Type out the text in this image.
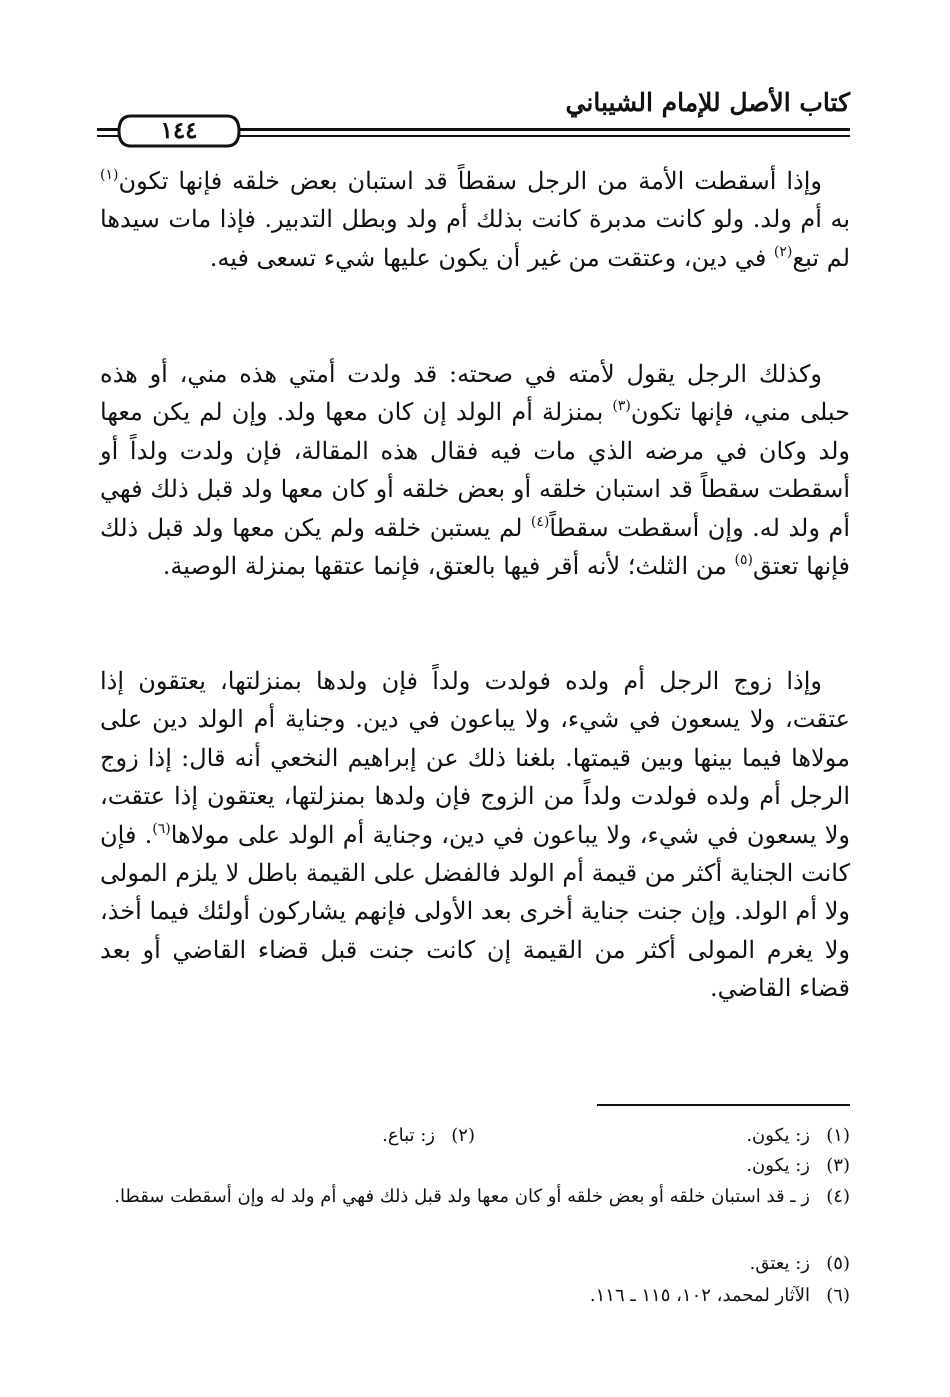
كتاب الأصل للإمام الشيباني
١٤٤

وإذا أسقطت الأمة من الرجل سقطاً قد استبان بعض خلقه فإنها تكون$^{(١)}$ به أم ولد. ولو كانت مدبرة كانت بذلك أم ولد وبطل التدبير. فإذا مات سيدها لم تبع$^{(٢)}$ في دين، وعتقت من غير أن يكون عليها شيء تسعى فيه.

وكذلك الرجل يقول لأمته في صحته: قد ولدت أمتي هذه مني، أو هذه حبلى مني، فإنها تكون$^{(٣)}$ بمنزلة أم الولد إن كان معها ولد. وإن لم يكن معها ولد وكان في مرضه الذي مات فيه فقال هذه المقالة، فإن ولدت ولداً أو أسقطت سقطاً قد استبان خلقه أو بعض خلقه أو كان معها ولد قبل ذلك فهي أم ولد له. وإن أسقطت سقطاً$^{(٤)}$ لم يستبن خلقه ولم يكن معها ولد قبل ذلك فإنها تعتق$^{(٥)}$ من الثلث؛ لأنه أقر فيها بالعتق، فإنما عتقها بمنزلة الوصية.

وإذا زوج الرجل أم ولده فولدت ولداً فإن ولدها بمنزلتها، يعتقون إذا عتقت، ولا يسعون في شيء، ولا يباعون في دين. وجناية أم الولد دين على مولاها فيما بينها وبين قيمتها. بلغنا ذلك عن إبراهيم النخعي أنه قال: إذا زوج الرجل أم ولده فولدت ولداً من الزوج فإن ولدها بمنزلتها، يعتقون إذا عتقت، ولا يسعون في شيء، ولا يباعون في دين، وجناية أم الولد على مولاها$^{(٦)}$. فإن كانت الجناية أكثر من قيمة أم الولد فالفضل على القيمة باطل لا يلزم المولى ولا أم الولد. وإن جنت جناية أخرى بعد الأولى فإنهم يشاركون أولئك فيما أخذ، ولا يغرم المولى أكثر من القيمة إن كانت جنت قبل قضاء القاضي أو بعد قضاء القاضي.

(١)ز: يكون.
(٢)ز: تباع.
(٣)ز: يكون.
(٤)ز ـ قد استبان خلقه أو بعض خلقه أو كان معها ولد قبل ذلك فهي أم ولد له وإن أسقطت سقطا.
(٥)ز: يعتق.
(٦)الآثار لمحمد، ١٠٢، ١١٥ ـ ١١٦.
